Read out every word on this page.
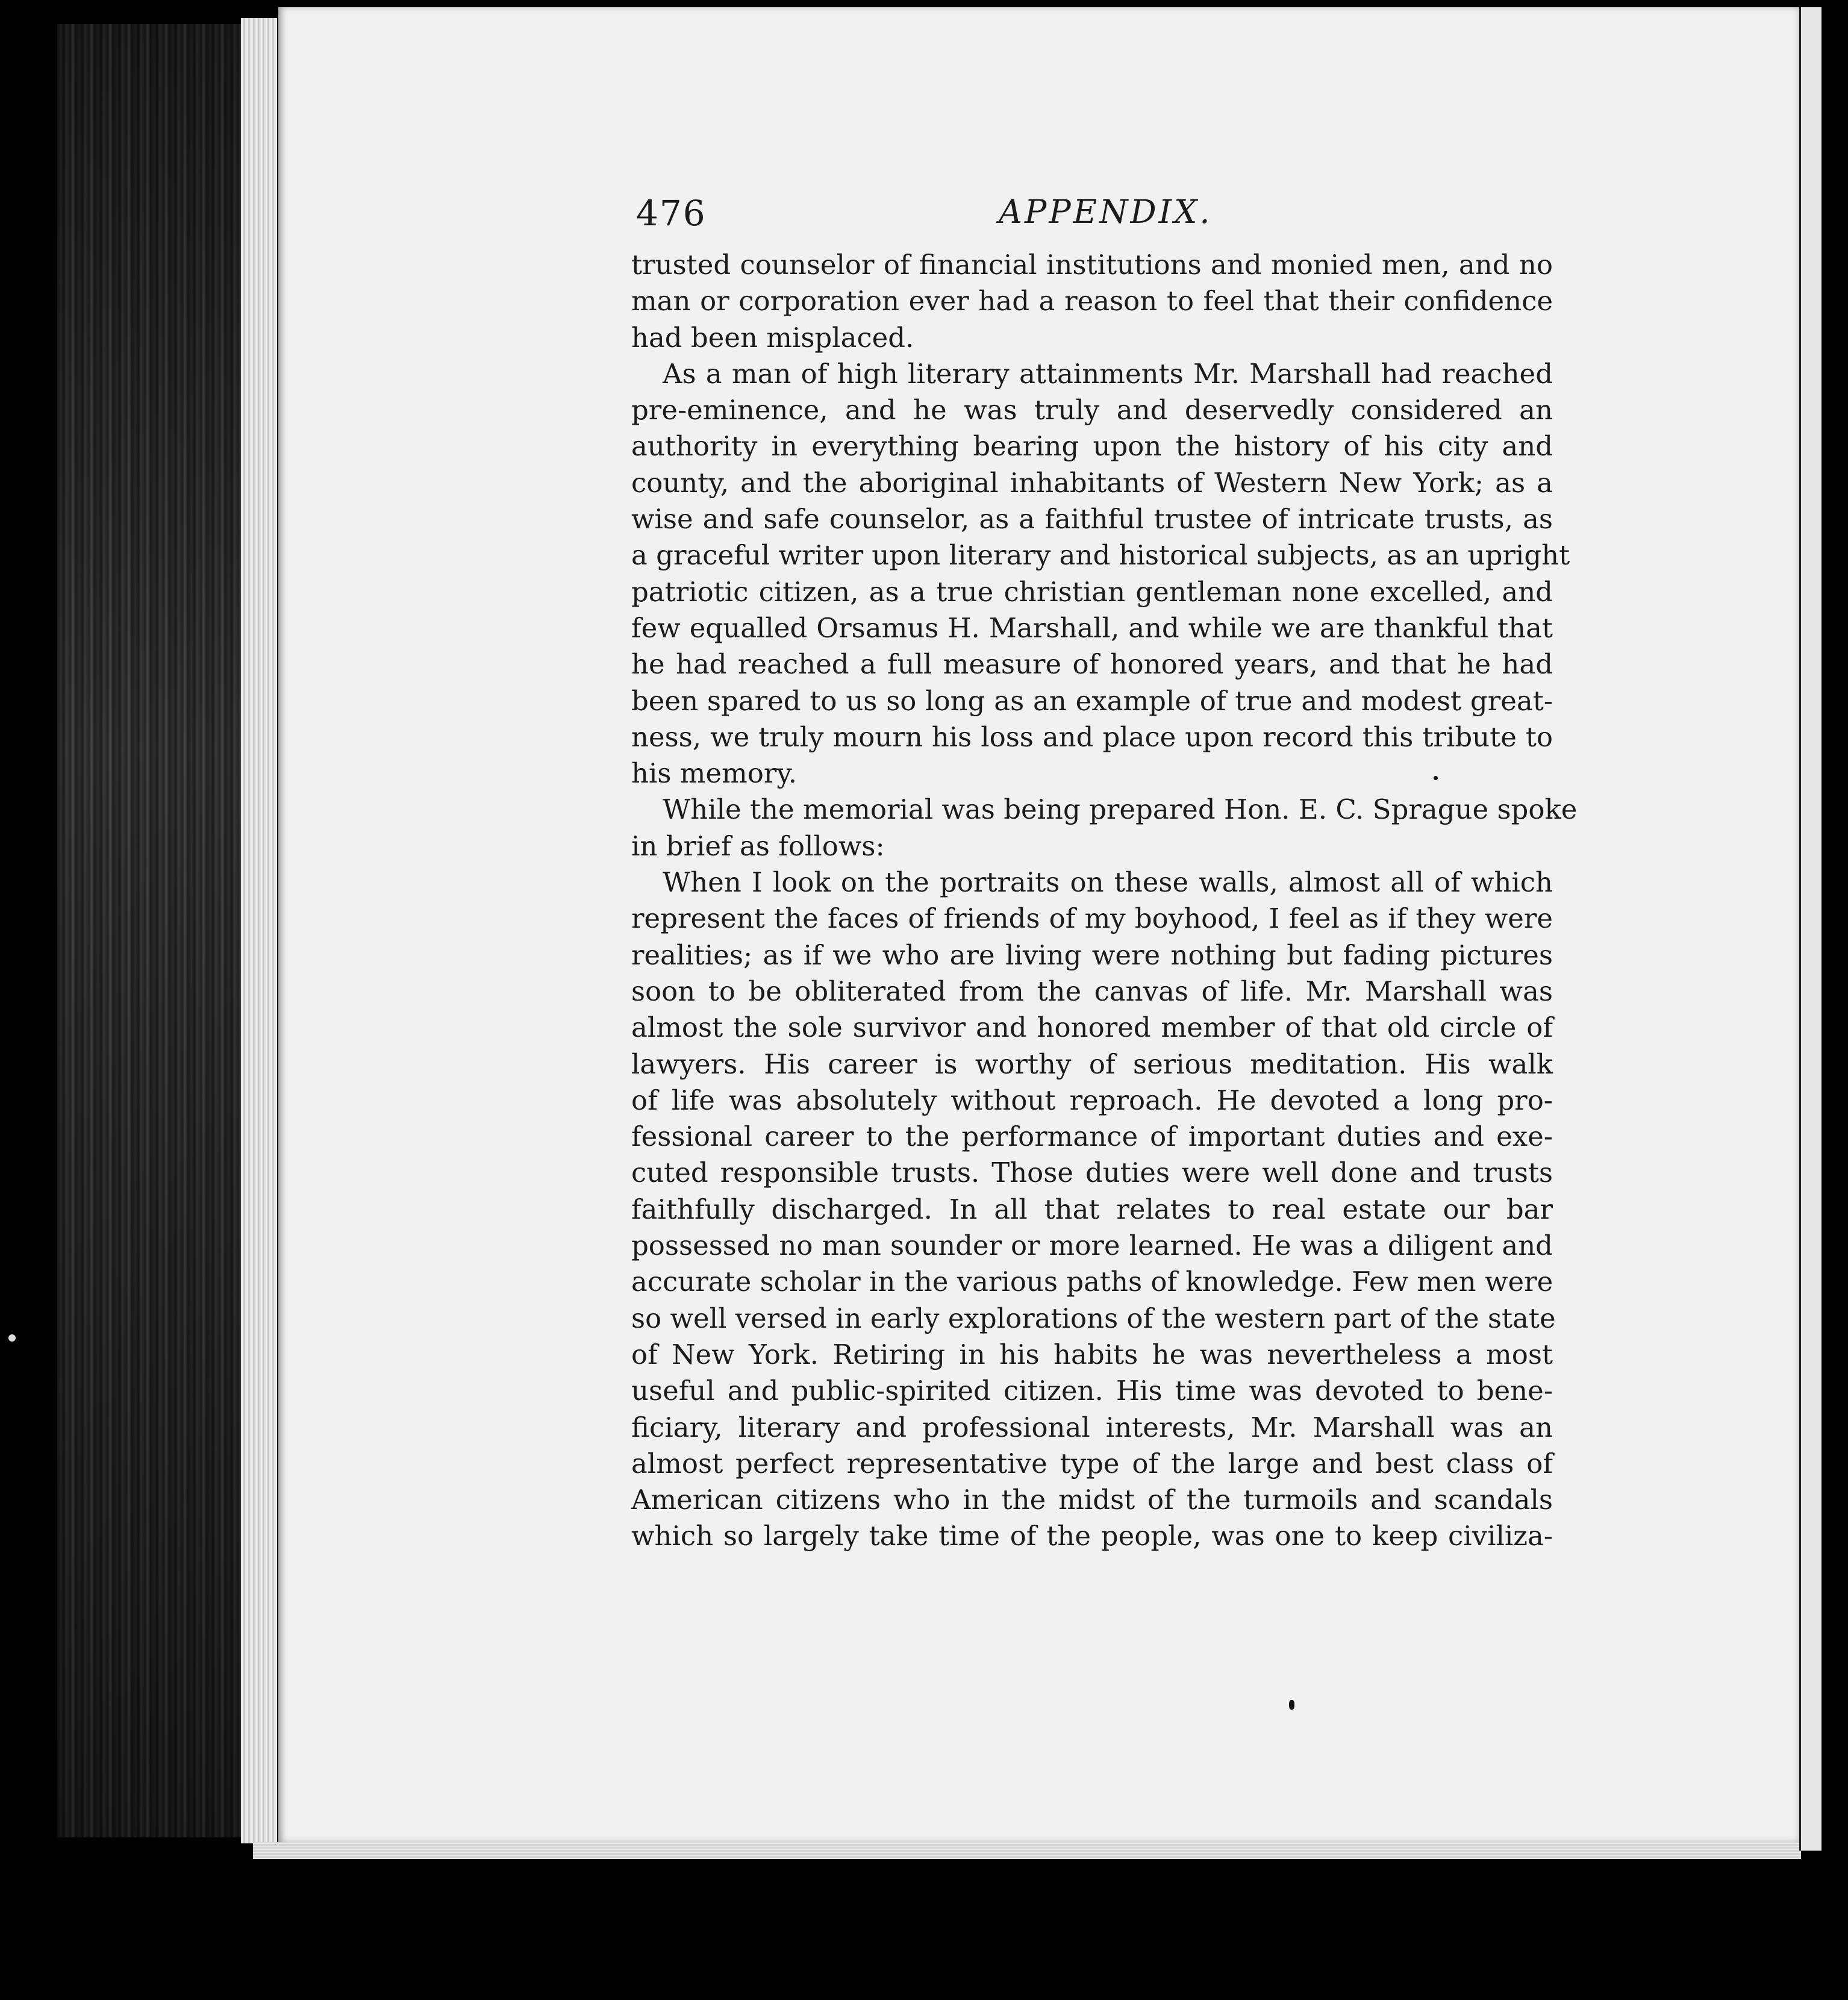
476	APPENDIX.
trusted counselor of financial institutions and monied men, and no
man or corporation ever had a reason to feel that their confidence
had been misplaced.
As a man of high literary attainments Mr. Marshall had reached
pre-eminence, and he was truly and deservedly considered an
authority in everything bearing upon the history of his city and
county, and the aboriginal inhabitants of Western New York; as a
wise and safe counselor, as a faithful trustee of intricate trusts, as
a graceful writer upon literary and historical subjects, as an upright
patriotic citizen, as a true christian gentleman none excelled, and
few equalled Orsamus H. Marshall, and while we are thankful that
he had reached a full measure of honored years, and that he had
been spared to us so long as an example of true and modest great-
ness, we truly mourn his loss and place upon record this tribute to
his memory.
While the memorial was being prepared Hon. E. C. Sprague spoke
in brief as follows:
When I look on the portraits on these walls, almost all of which
represent the faces of friends of my boyhood, I feel as if they were
realities; as if we who are living were nothing but fading pictures
soon to be obliterated from the canvas of life. Mr. Marshall was
almost the sole survivor and honored member of that old circle of
lawyers. His career is worthy of serious meditation. His walk
of life was absolutely without reproach. He devoted a long pro-
fessional career to the performance of important duties and exe-
cuted responsible trusts. Those duties were well done and trusts
faithfully discharged. In all that relates to real estate our bar
possessed no man sounder or more learned. He was a diligent and
accurate scholar in the various paths of knowledge. Few men were
so well versed in early explorations of the western part of the state
of New York. Retiring in his habits he was nevertheless a most
useful and public-spirited citizen. His time was devoted to bene-
ficiary, literary and professional interests, Mr. Marshall was an
almost perfect representative type of the large and best class of
American citizens who in the midst of the turmoils and scandals
which so largely take time of the people, was one to keep civiliza-
